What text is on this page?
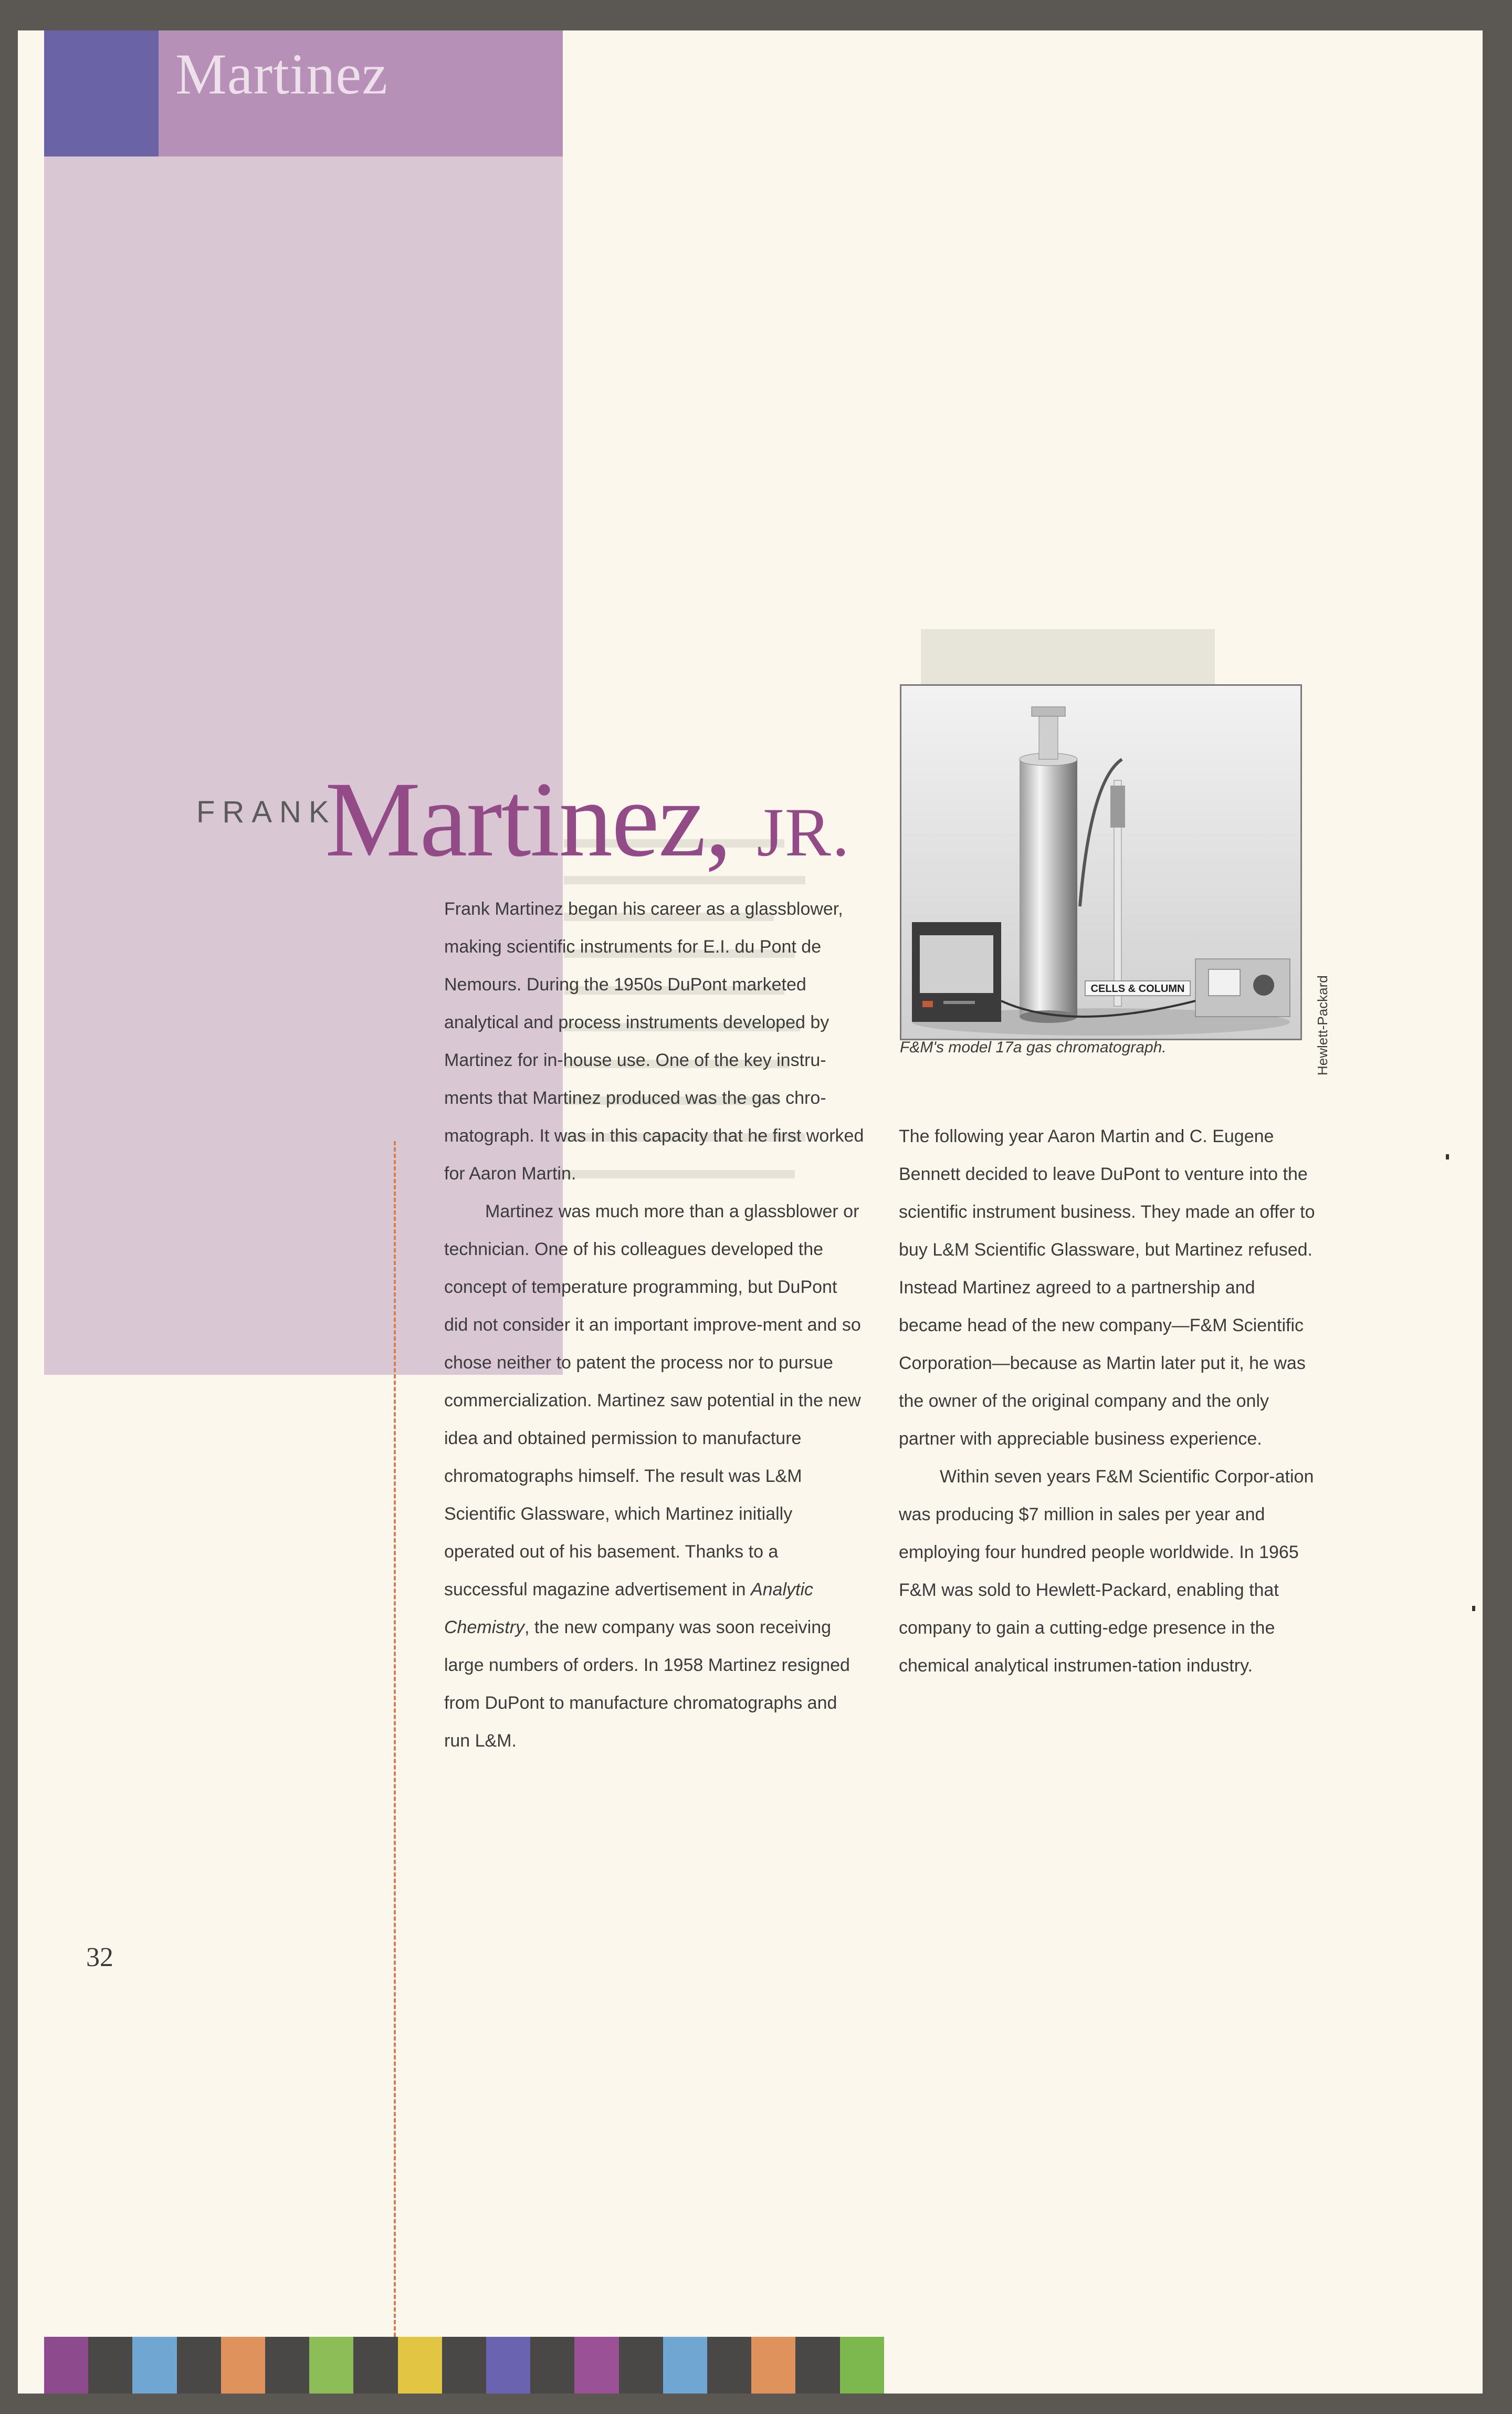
Martinez
FRANK
Martinez, JR.

Frank Martinez began his career as a glassblower, making scientific instruments for E.I. du Pont de Nemours. During the 1950s DuPont marketed analytical and process instruments developed by Martinez for in-house use. One of the key instru-ments that Martinez produced was the gas chro-matograph. It was in this capacity that he first worked for Aaron Martin.

Martinez was much more than a glassblower or technician. One of his colleagues developed the concept of temperature programming, but DuPont did not consider it an important improve-ment and so chose neither to patent the process nor to pursue commercialization. Martinez saw potential in the new idea and obtained permission to manufacture chromatographs himself. The result was L&M Scientific Glassware, which Martinez initially operated out of his basement. Thanks to a successful magazine advertisement in Analytic Chemistry, the new company was soon receiving large numbers of orders. In 1958 Martinez resigned from DuPont to manufacture chromatographs and run L&M.

CELLS & COLUMN
F&M's model 17a gas chromatograph.	Hewlett-Packard

The following year Aaron Martin and C. Eugene Bennett decided to leave DuPont to venture into the scientific instrument business. They made an offer to buy L&M Scientific Glassware, but Martinez refused. Instead Martinez agreed to a partnership and became head of the new company—F&M Scientific Corporation—because as Martin later put it, he was the owner of the original company and the only partner with appreciable business experience.

Within seven years F&M Scientific Corpor-ation was producing $7 million in sales per year and employing four hundred people worldwide. In 1965 F&M was sold to Hewlett-Packard, enabling that company to gain a cutting-edge presence in the chemical analytical instrumen-tation industry.

32
